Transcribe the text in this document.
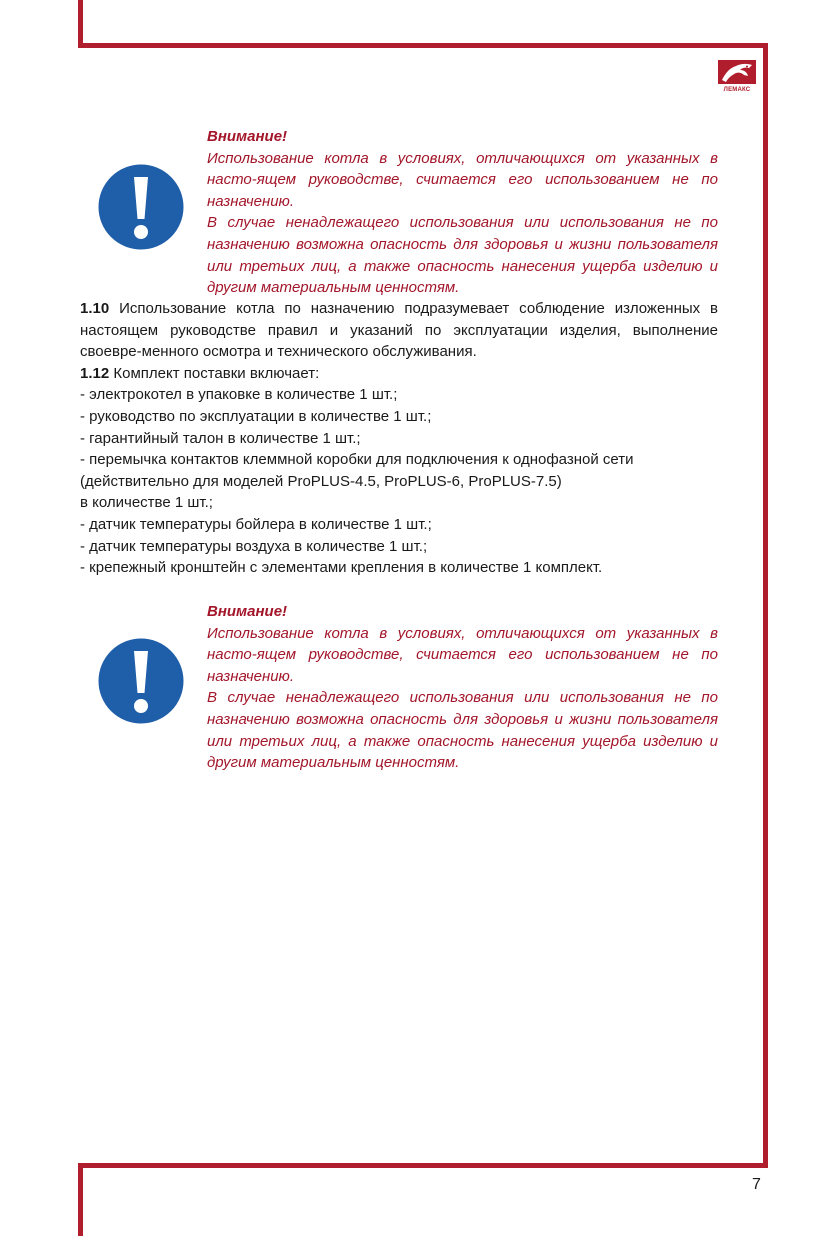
ЛЕМАКС
Внимание!

Использование котла в условиях, отличающихся от указанных в насто-ящем руководстве, считается его использованием не по назначению.

В случае ненадлежащего использования или использования не по назначению возможна опасность для здоровья и жизни пользователя или третьих лиц, а также опасность нанесения ущерба изделию и другим материальным ценностям.

1.10 Использование котла по назначению подразумевает соблюдение изложенных в настоящем руководстве правил и указаний по эксплуатации изделия, выполнение своевре-менного осмотра и технического обслуживания.

1.12 Комплект поставки включает:

- электрокотел в упаковке в количестве 1 шт.;

- руководство по эксплуатации в количестве 1 шт.;

- гарантийный талон в количестве 1 шт.;

- перемычка контактов клеммной коробки для подключения к однофазной сети

(действительно для моделей ProPLUS-4.5, ProPLUS-6, ProPLUS-7.5)

в количестве 1 шт.;

- датчик температуры бойлера в количестве 1 шт.;

- датчик температуры воздуха в количестве 1 шт.;

- крепежный кронштейн с элементами крепления в количестве 1 комплект.

Внимание!

Использование котла в условиях, отличающихся от указанных в насто-ящем руководстве, считается его использованием не по назначению.

В случае ненадлежащего использования или использования не по назначению возможна опасность для здоровья и жизни пользователя или третьих лиц, а также опасность нанесения ущерба изделию и другим материальным ценностям.

7
